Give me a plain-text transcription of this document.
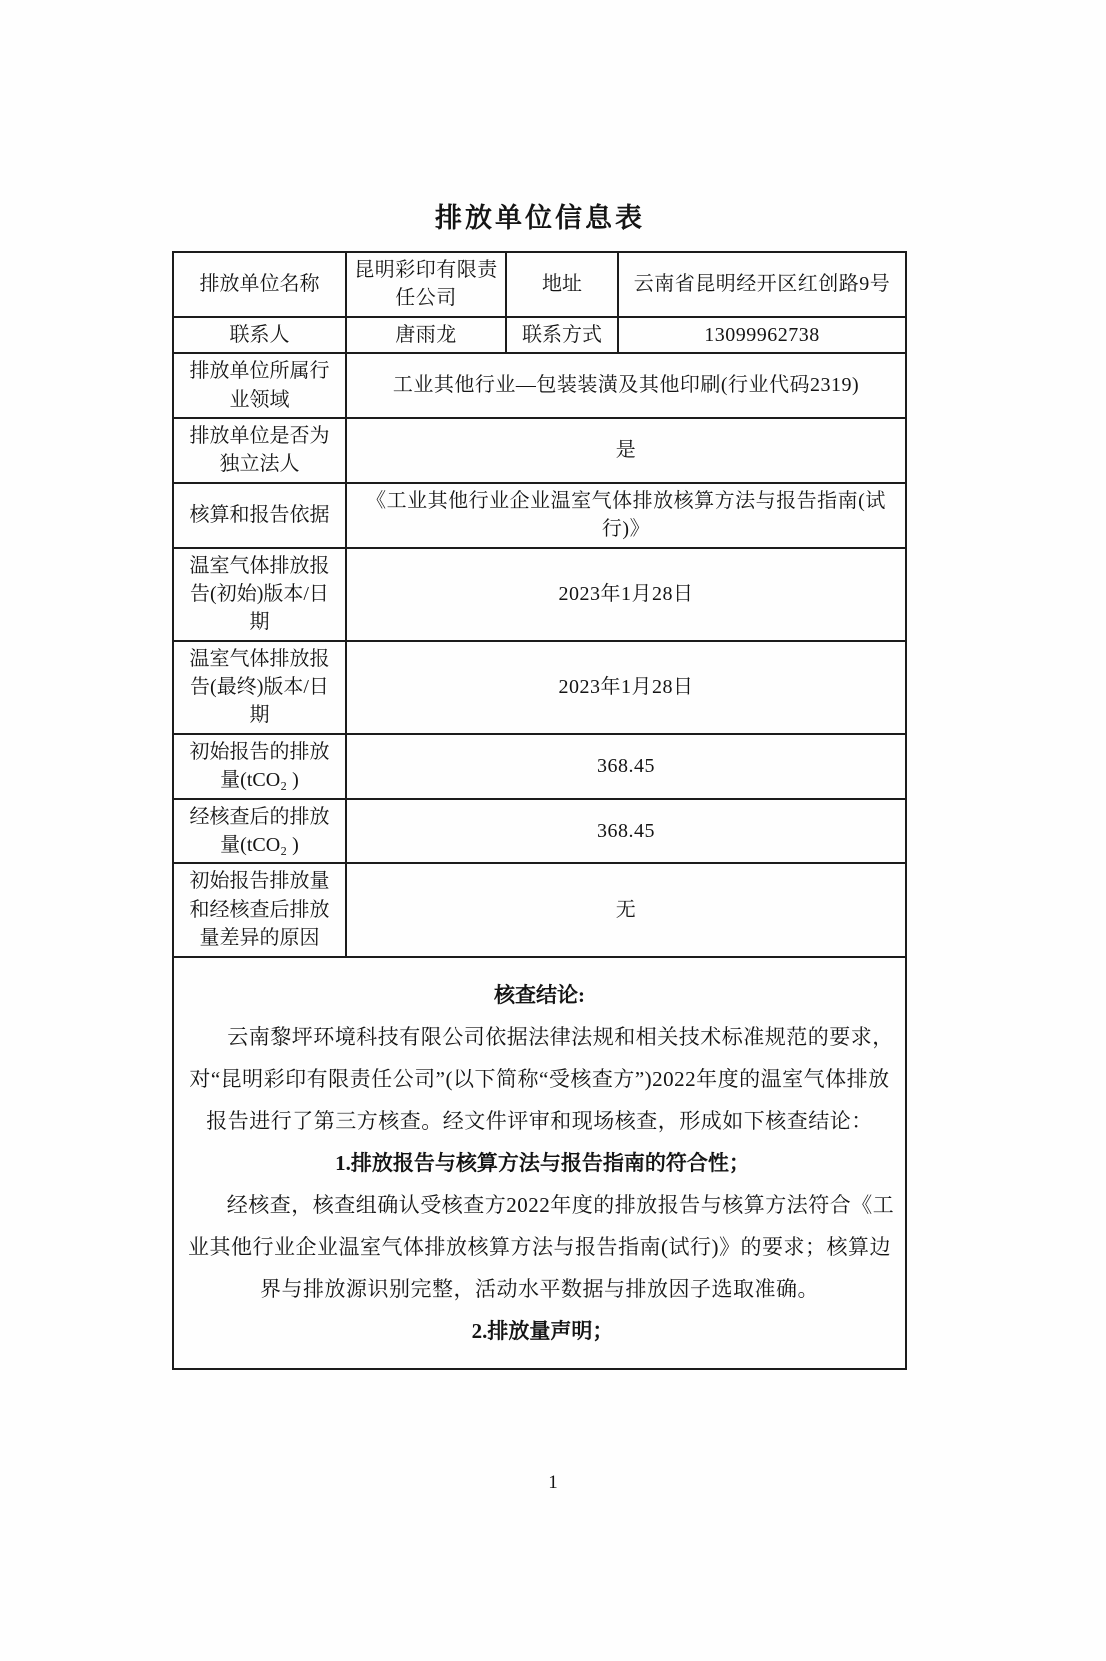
排放单位信息表
排放单位名称	昆明彩印有限责任公司	地址	云南省昆明经开区红创路9号
联系人	唐雨龙	联系方式	13099962738
排放单位所属行业领域	工业其他行业—包装装潢及其他印刷(行业代码2319)		
排放单位是否为独立法人	是		
核算和报告依据	《工业其他行业企业温室气体排放核算方法与报告指南(试行)》		
温室气体排放报告(初始)版本/日期	2023年1月28日		
温室气体排放报告(最终)版本/日期	2023年1月28日		
初始报告的排放量(tCO₂ )	368.45		
经核查后的排放量(tCO₂ )	368.45		
初始报告排放量和经核查后排放量差异的原因	无		

核查结论:

云南黎坪环境科技有限公司依据法律法规和相关技术标准规范的要求，对“昆明彩印有限责任公司”(以下简称“受核查方”)2022年度的温室气体排放报告进行了第三方核查。经文件评审和现场核查，形成如下核查结论：

1.排放报告与核算方法与报告指南的符合性；

经核查，核查组确认受核查方2022年度的排放报告与核算方法符合《工业其他行业企业温室气体排放核算方法与报告指南(试行)》的要求；核算边界与排放源识别完整，活动水平数据与排放因子选取准确。

2.排放量声明；			
1
